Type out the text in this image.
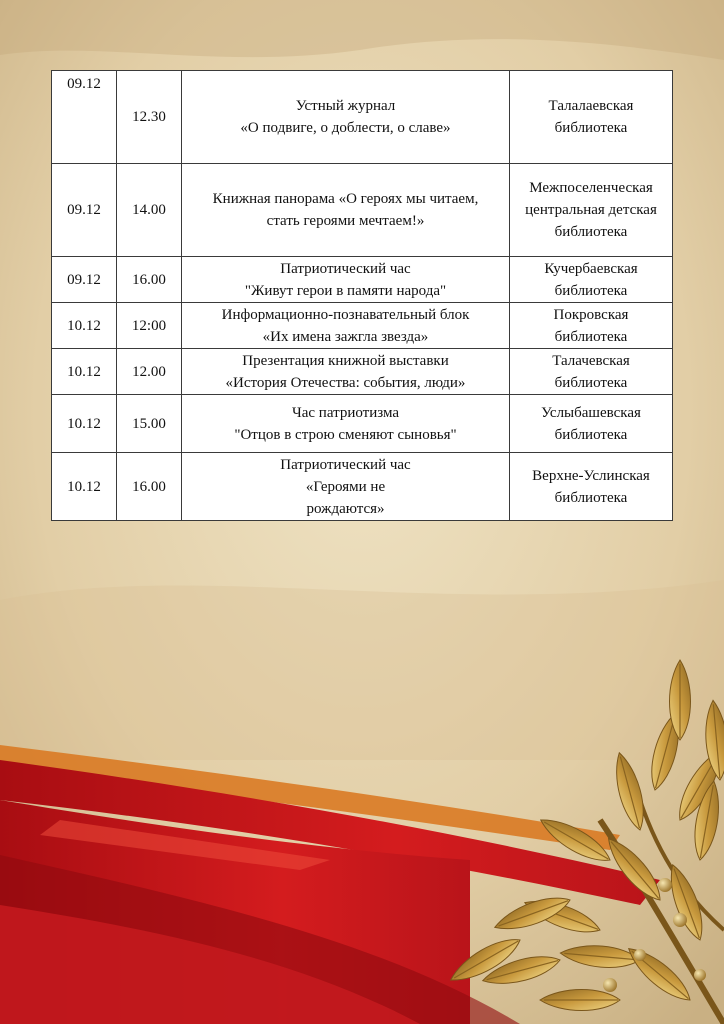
09.12	12.30	Устный журнал
«О подвиге, о доблести, о славе»	Талалаевская
библиотека

09.12	14.00	Книжная панорама «О героях мы читаем,
стать героями мечтаем!»	Межпоселенческая
центральная детская
библиотека

09.12	16.00	Патриотический час
"Живут герои в памяти народа"	Кучербаевская
библиотека

10.12	12:00	Информационно-познавательный блок
«Их имена зажгла звезда»	Покровская
библиотека

10.12	12.00	Презентация книжной выставки
«История Отечества: события, люди»	Талачевская
библиотека

10.12	15.00	Час патриотизма
"Отцов в строю сменяют сыновья"	Услыбашевская
библиотека

10.12	16.00	Патриотический час
«Героями не
рождаются»	Верхне-Услинская
библиотека
